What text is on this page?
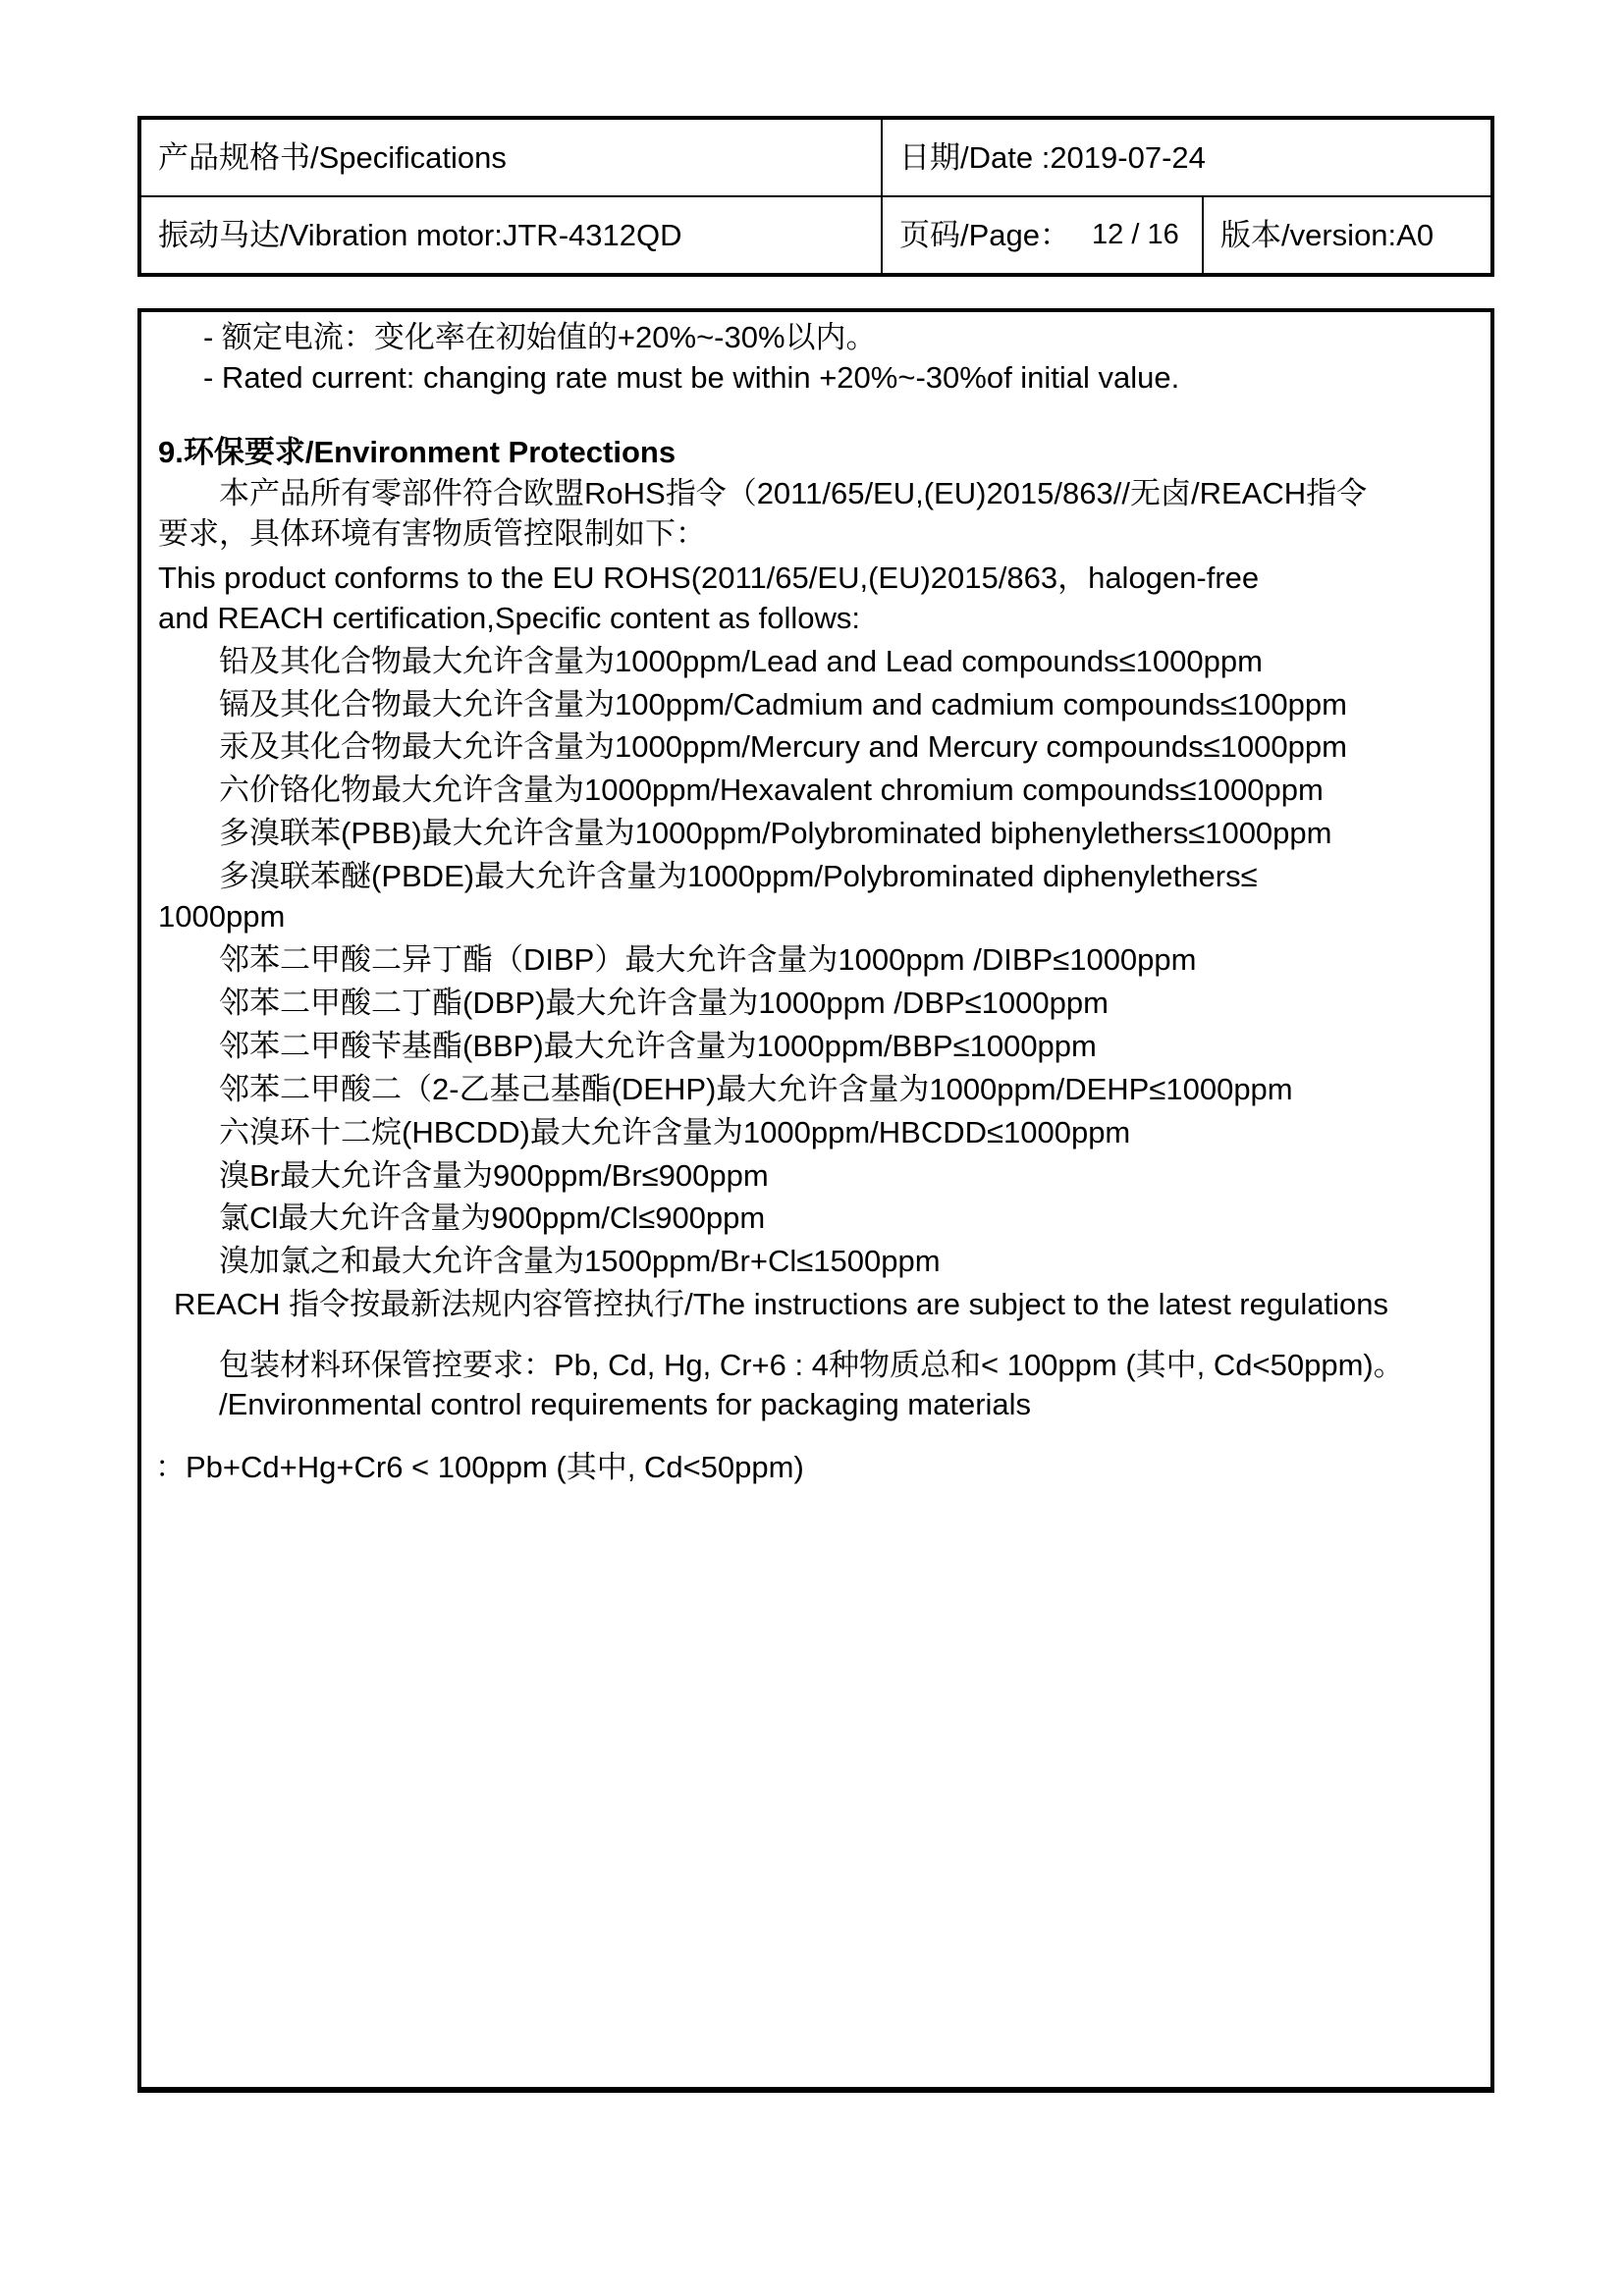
产品规格书/Specifications
振动马达/Vibration motor:JTR-4312QD
日期/Date :2019-07-24
页码/Page： 12 / 16	版本/version:A0
- 额定电流：变化率在初始值的+20%~-30%以内。
- Rated current: changing rate must be within +20%~-30%of initial value.
9.环保要求/Environment Protections
本产品所有零部件符合欧盟RoHS指令（2011/65/EU,(EU)2015/863//无卤/REACH指令
要求，具体环境有害物质管控限制如下：
This product conforms to the EU ROHS(2011/65/EU,(EU)2015/863，halogen-free
and REACH certification,Specific content as follows:
铅及其化合物最大允许含量为1000ppm/Lead and Lead compounds≤1000ppm
镉及其化合物最大允许含量为100ppm/Cadmium and cadmium compounds≤100ppm
汞及其化合物最大允许含量为1000ppm/Mercury and Mercury compounds≤1000ppm
六价铬化物最大允许含量为1000ppm/Hexavalent chromium compounds≤1000ppm
多溴联苯(PBB)最大允许含量为1000ppm/Polybrominated biphenylethers≤1000ppm
多溴联苯醚(PBDE)最大允许含量为1000ppm/Polybrominated diphenylethers≤
1000ppm
邻苯二甲酸二异丁酯（DIBP）最大允许含量为1000ppm /DIBP≤1000ppm
邻苯二甲酸二丁酯(DBP)最大允许含量为1000ppm /DBP≤1000ppm
邻苯二甲酸苄基酯(BBP)最大允许含量为1000ppm/BBP≤1000ppm
邻苯二甲酸二（2-乙基己基酯(DEHP)最大允许含量为1000ppm/DEHP≤1000ppm
六溴环十二烷(HBCDD)最大允许含量为1000ppm/HBCDD≤1000ppm
溴Br最大允许含量为900ppm/Br≤900ppm
氯Cl最大允许含量为900ppm/Cl≤900ppm
溴加氯之和最大允许含量为1500ppm/Br+Cl≤1500ppm
REACH 指令按最新法规内容管控执行/The instructions are subject to the latest regulations
包装材料环保管控要求：Pb, Cd, Hg, Cr+6 : 4种物质总和< 100ppm (其中, Cd<50ppm)。
/Environmental control requirements for packaging materials
：Pb+Cd+Hg+Cr6 < 100ppm (其中, Cd<50ppm)
